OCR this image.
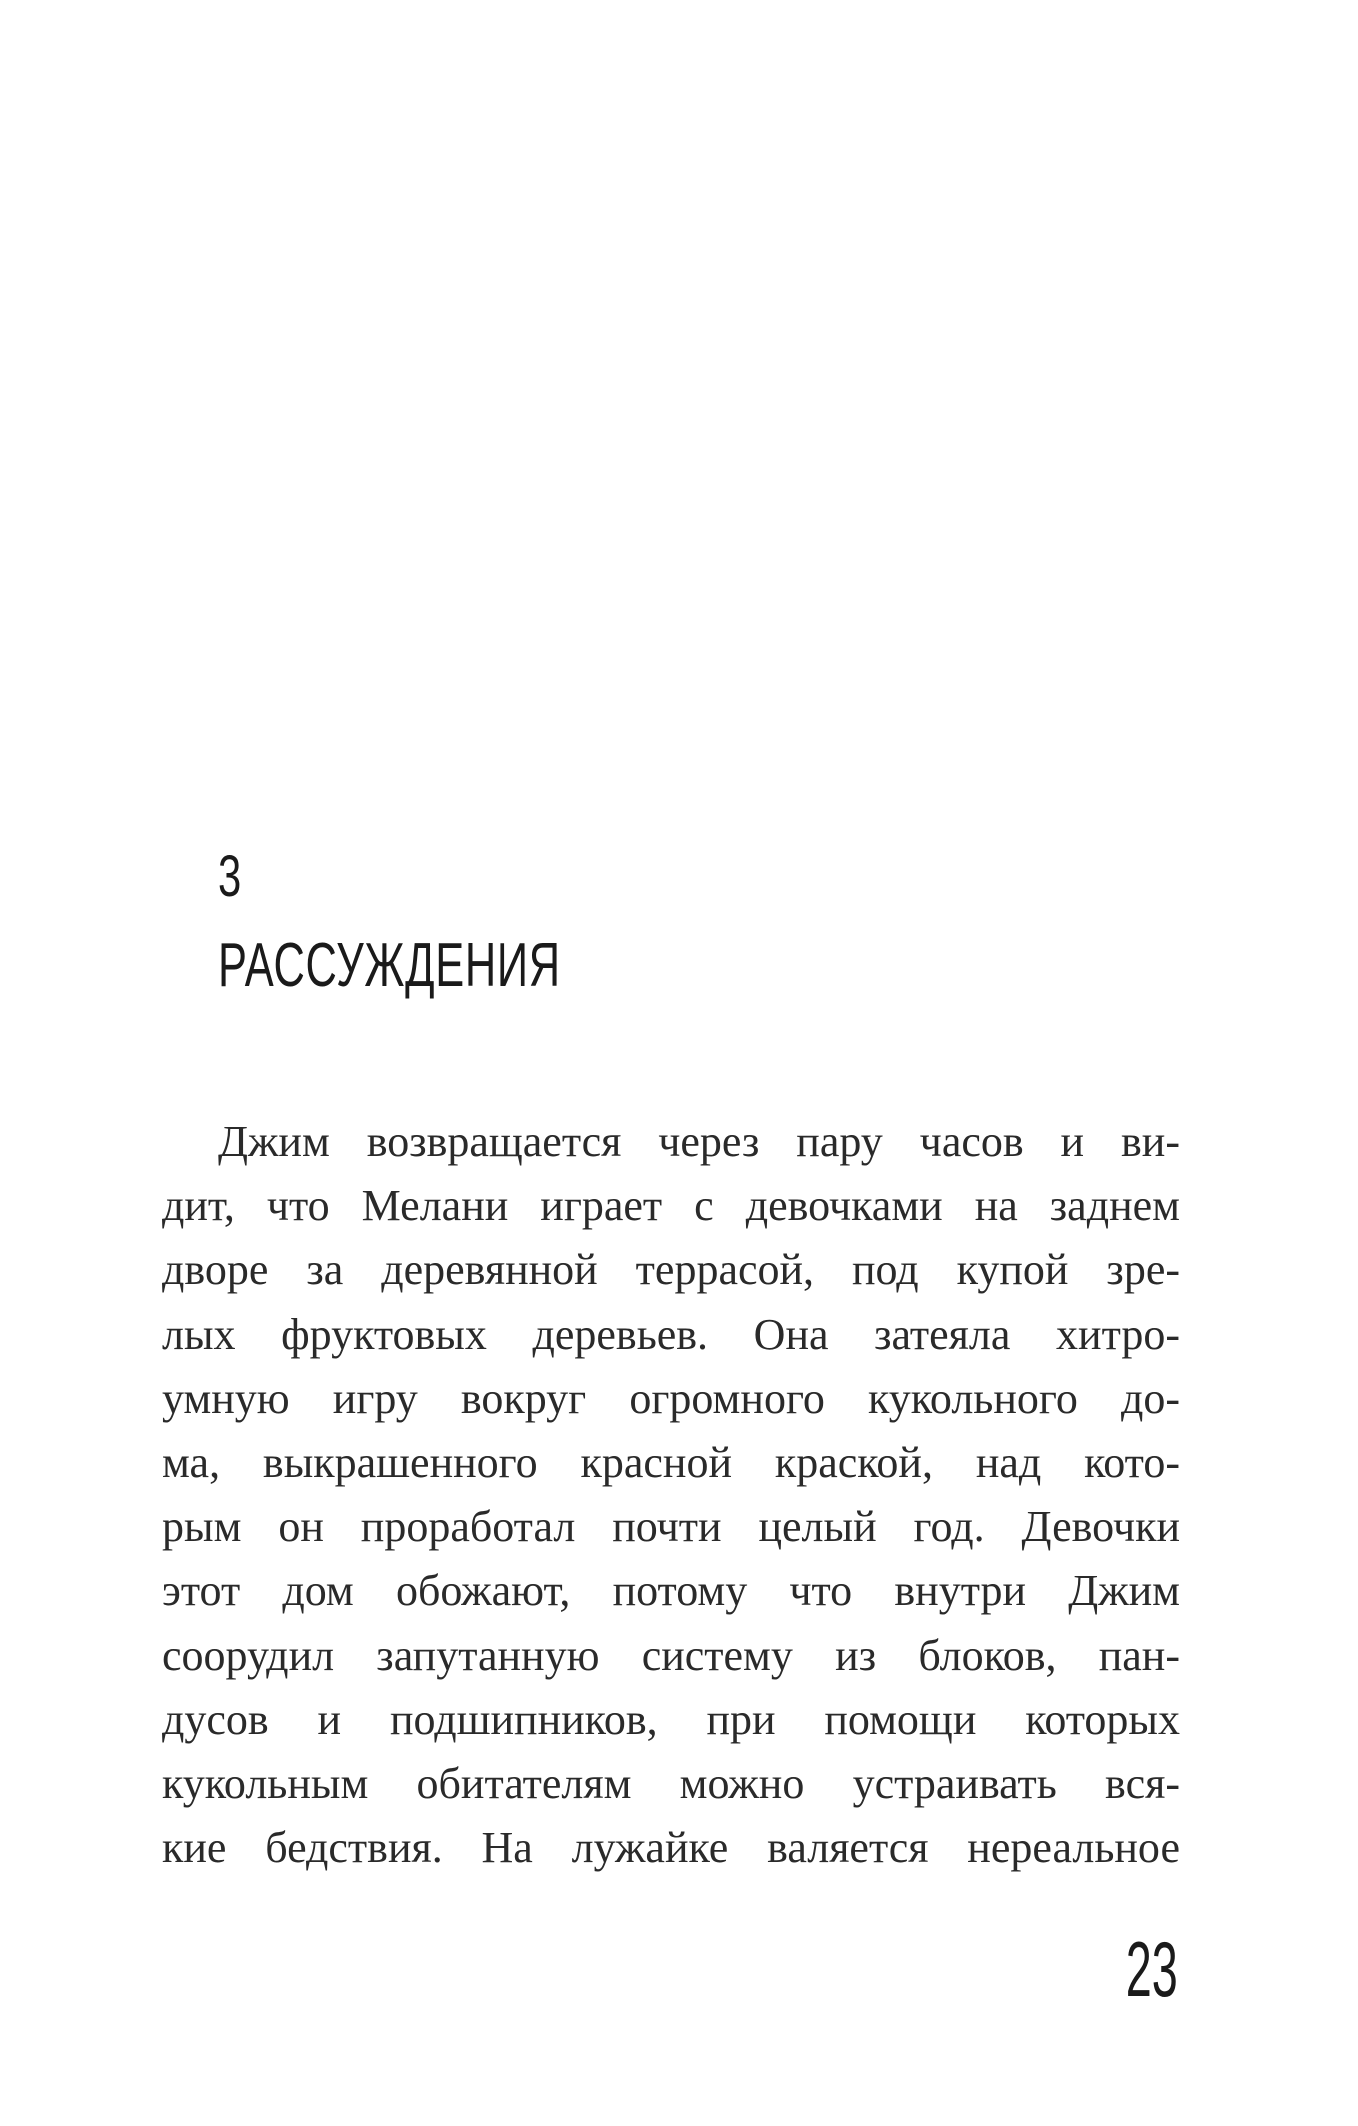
3
РАССУЖДЕНИЯ
Джим возвращается через пару часов и ви-
дит, что Мелани играет с девочками на заднем
дворе за деревянной террасой, под купой зре-
лых фруктовых деревьев. Она затеяла хитро-
умную игру вокруг огромного кукольного до-
ма, выкрашенного красной краской, над кото-
рым он проработал почти целый год. Девочки
этот дом обожают, потому что внутри Джим
соорудил запутанную систему из блоков, пан-
дусов и подшипников, при помощи которых
кукольным обитателям можно устраивать вся-
кие бедствия. На лужайке валяется нереальное
23
